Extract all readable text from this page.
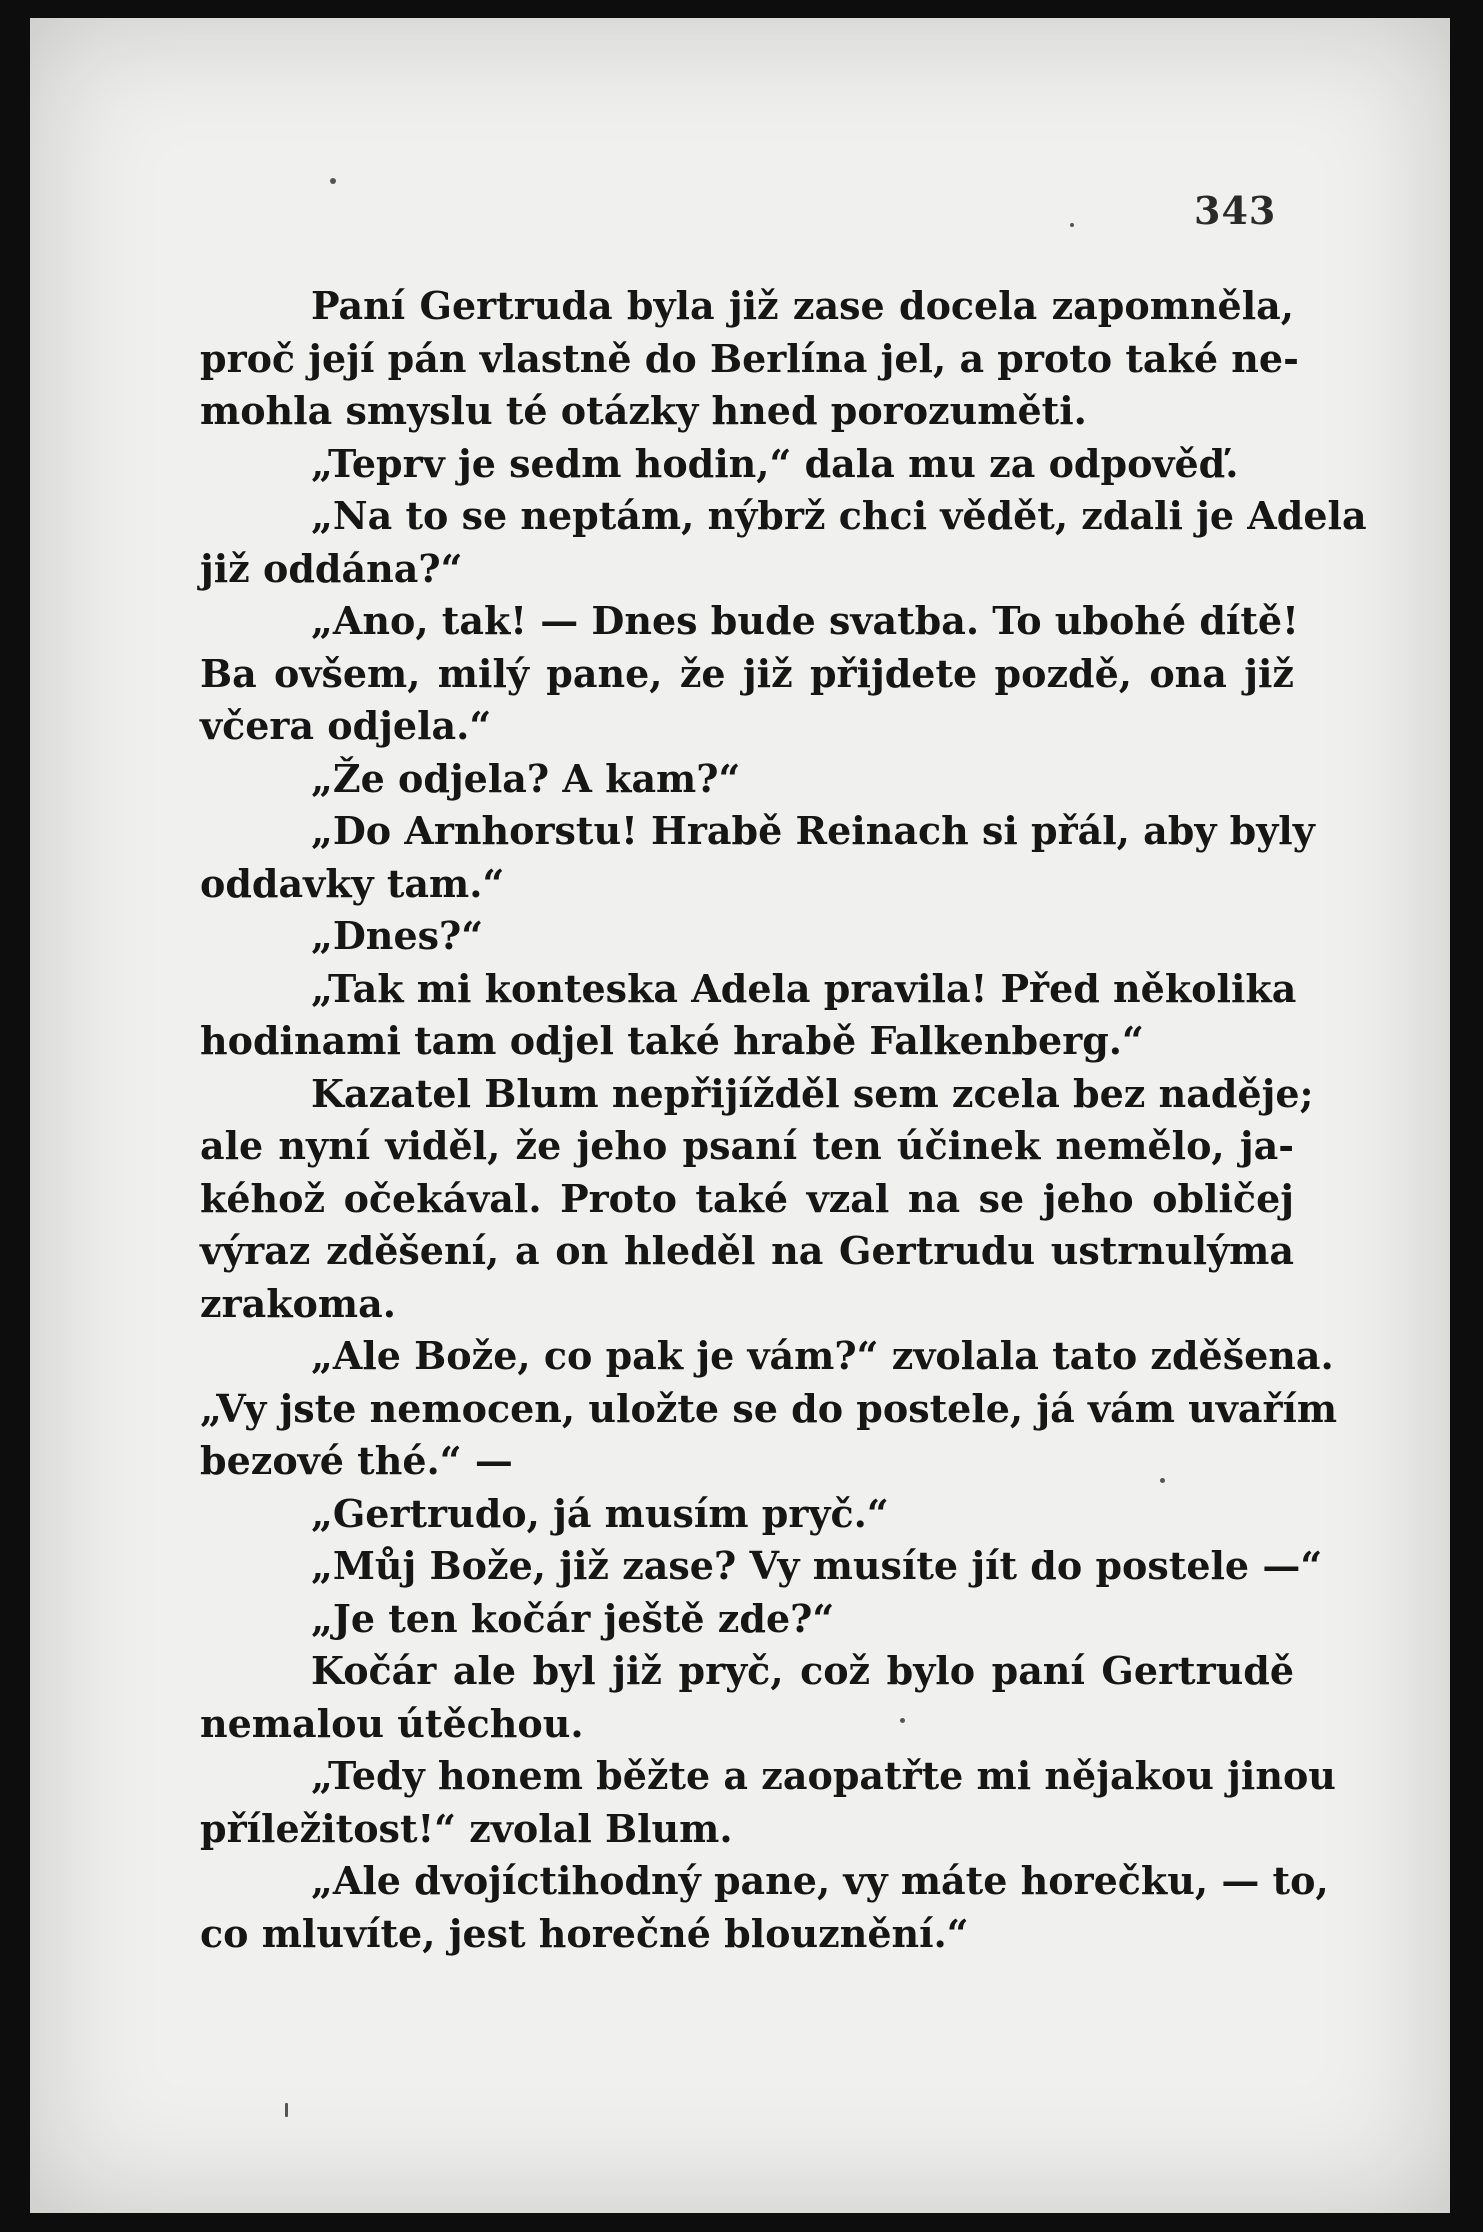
343
Paní Gertruda byla již zase docela zapomněla,
proč její pán vlastně do Berlína jel, a proto také ne-
mohla smyslu té otázky hned porozuměti.
„Teprv je sedm hodin,“ dala mu za odpověď.
„Na to se neptám, nýbrž chci vědět, zdali je Adela
již oddána?“
„Ano, tak! — Dnes bude svatba. To ubohé dítě!
Ba ovšem, milý pane, že již přijdete pozdě, ona již
včera odjela.“
„Že odjela? A kam?“
„Do Arnhorstu! Hrabě Reinach si přál, aby byly
oddavky tam.“
„Dnes?“
„Tak mi konteska Adela pravila! Před několika
hodinami tam odjel také hrabě Falkenberg.“
Kazatel Blum nepřijížděl sem zcela bez naděje;
ale nyní viděl, že jeho psaní ten účinek nemělo, ja-
kéhož očekával. Proto také vzal na se jeho obličej
výraz zděšení, a on hleděl na Gertrudu ustrnulýma
zrakoma.
„Ale Bože, co pak je vám?“ zvolala tato zděšena.
„Vy jste nemocen, uložte se do postele, já vám uvařím
bezové thé.“ —
„Gertrudo, já musím pryč.“
„Můj Bože, již zase? Vy musíte jít do postele —“
„Je ten kočár ještě zde?“
Kočár ale byl již pryč, což bylo paní Gertrudě
nemalou útěchou.
„Tedy honem běžte a zaopatřte mi nějakou jinou
příležitost!“ zvolal Blum.
„Ale dvojíctihodný pane, vy máte horečku, — to,
co mluvíte, jest horečné blouznění.“
